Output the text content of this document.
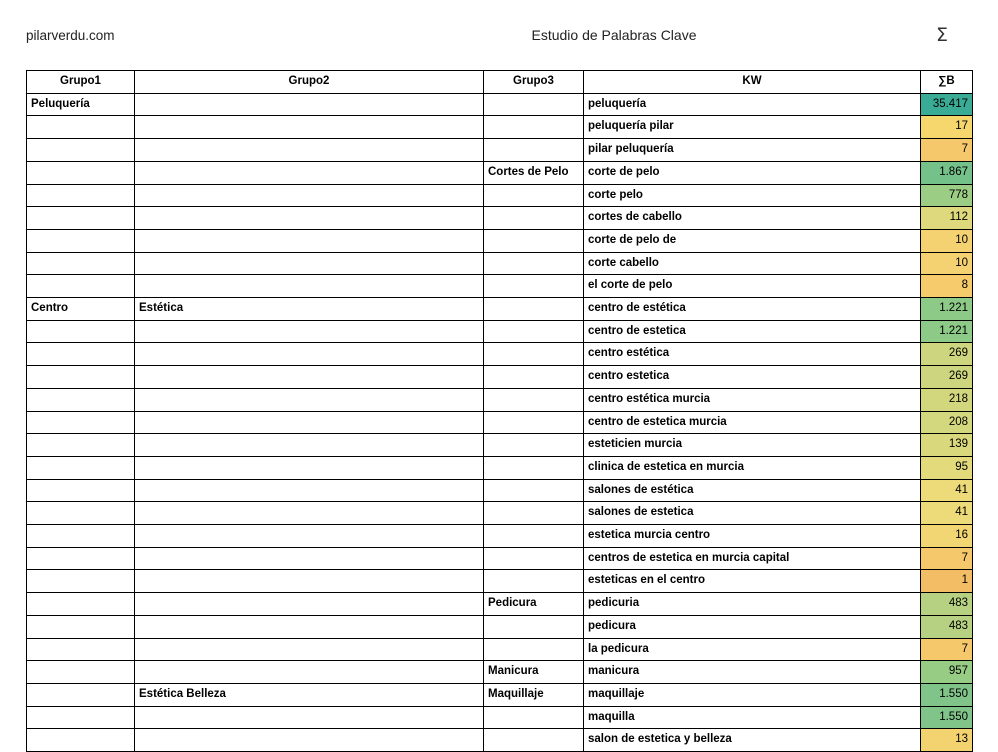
pilarverdu.com	Estudio de Palabras Clave	Σ
Grupo1	Grupo2	Grupo3	KW	∑B
Peluquería			peluquería	35.417
			peluquería pilar	17
			pilar peluquería	7
		Cortes de Pelo	corte de pelo	1.867
			corte pelo	778
			cortes de cabello	112
			corte de pelo de	10
			corte cabello	10
			el corte de pelo	8
Centro	Estética		centro de estética	1.221
			centro de estetica	1.221
			centro estética	269
			centro estetica	269
			centro estética murcia	218
			centro de estetica murcia	208
			esteticien murcia	139
			clinica de estetica en murcia	95
			salones de estética	41
			salones de estetica	41
			estetica murcia centro	16
			centros de estetica en murcia capital	7
			esteticas en el centro	1
		Pedicura	pedicuria	483
			pedicura	483
			la pedicura	7
		Manicura	manicura	957
	Estética Belleza	Maquillaje	maquillaje	1.550
			maquilla	1.550
			salon de estetica y belleza	13
